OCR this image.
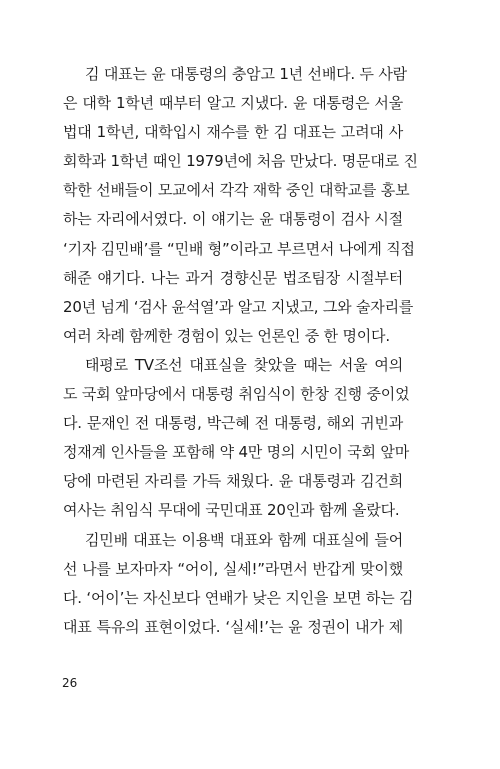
김 대표는 윤 대통령의 충암고 1년 선배다. 두 사람
은 대학 1학년 때부터 알고 지냈다. 윤 대통령은 서울
법대 1학년, 대학입시 재수를 한 김 대표는 고려대 사
회학과 1학년 때인 1979년에 처음 만났다. 명문대로 진
학한 선배들이 모교에서 각각 재학 중인 대학교를 홍보
하는 자리에서였다. 이 얘기는 윤 대통령이 검사 시절
‘기자 김민배’를 “민배 형”이라고 부르면서 나에게 직접
해준 얘기다. 나는 과거 경향신문 법조팀장 시절부터
20년 넘게 ‘검사 윤석열’과 알고 지냈고, 그와 술자리를
여러 차례 함께한 경험이 있는 언론인 중 한 명이다.
태평로 TV조선 대표실을 찾았을 때는 서울 여의
도 국회 앞마당에서 대통령 취임식이 한창 진행 중이었
다. 문재인 전 대통령, 박근혜 전 대통령, 해외 귀빈과
정재계 인사들을 포함해 약 4만 명의 시민이 국회 앞마
당에 마련된 자리를 가득 채웠다. 윤 대통령과 김건희
여사는 취임식 무대에 국민대표 20인과 함께 올랐다.
김민배 대표는 이용백 대표와 함께 대표실에 들어
선 나를 보자마자 “어이, 실세!”라면서 반갑게 맞이했
다. ‘어이’는 자신보다 연배가 낮은 지인을 보면 하는 김
대표 특유의 표현이었다. ‘실세!’는 윤 정권이 내가 제
26
